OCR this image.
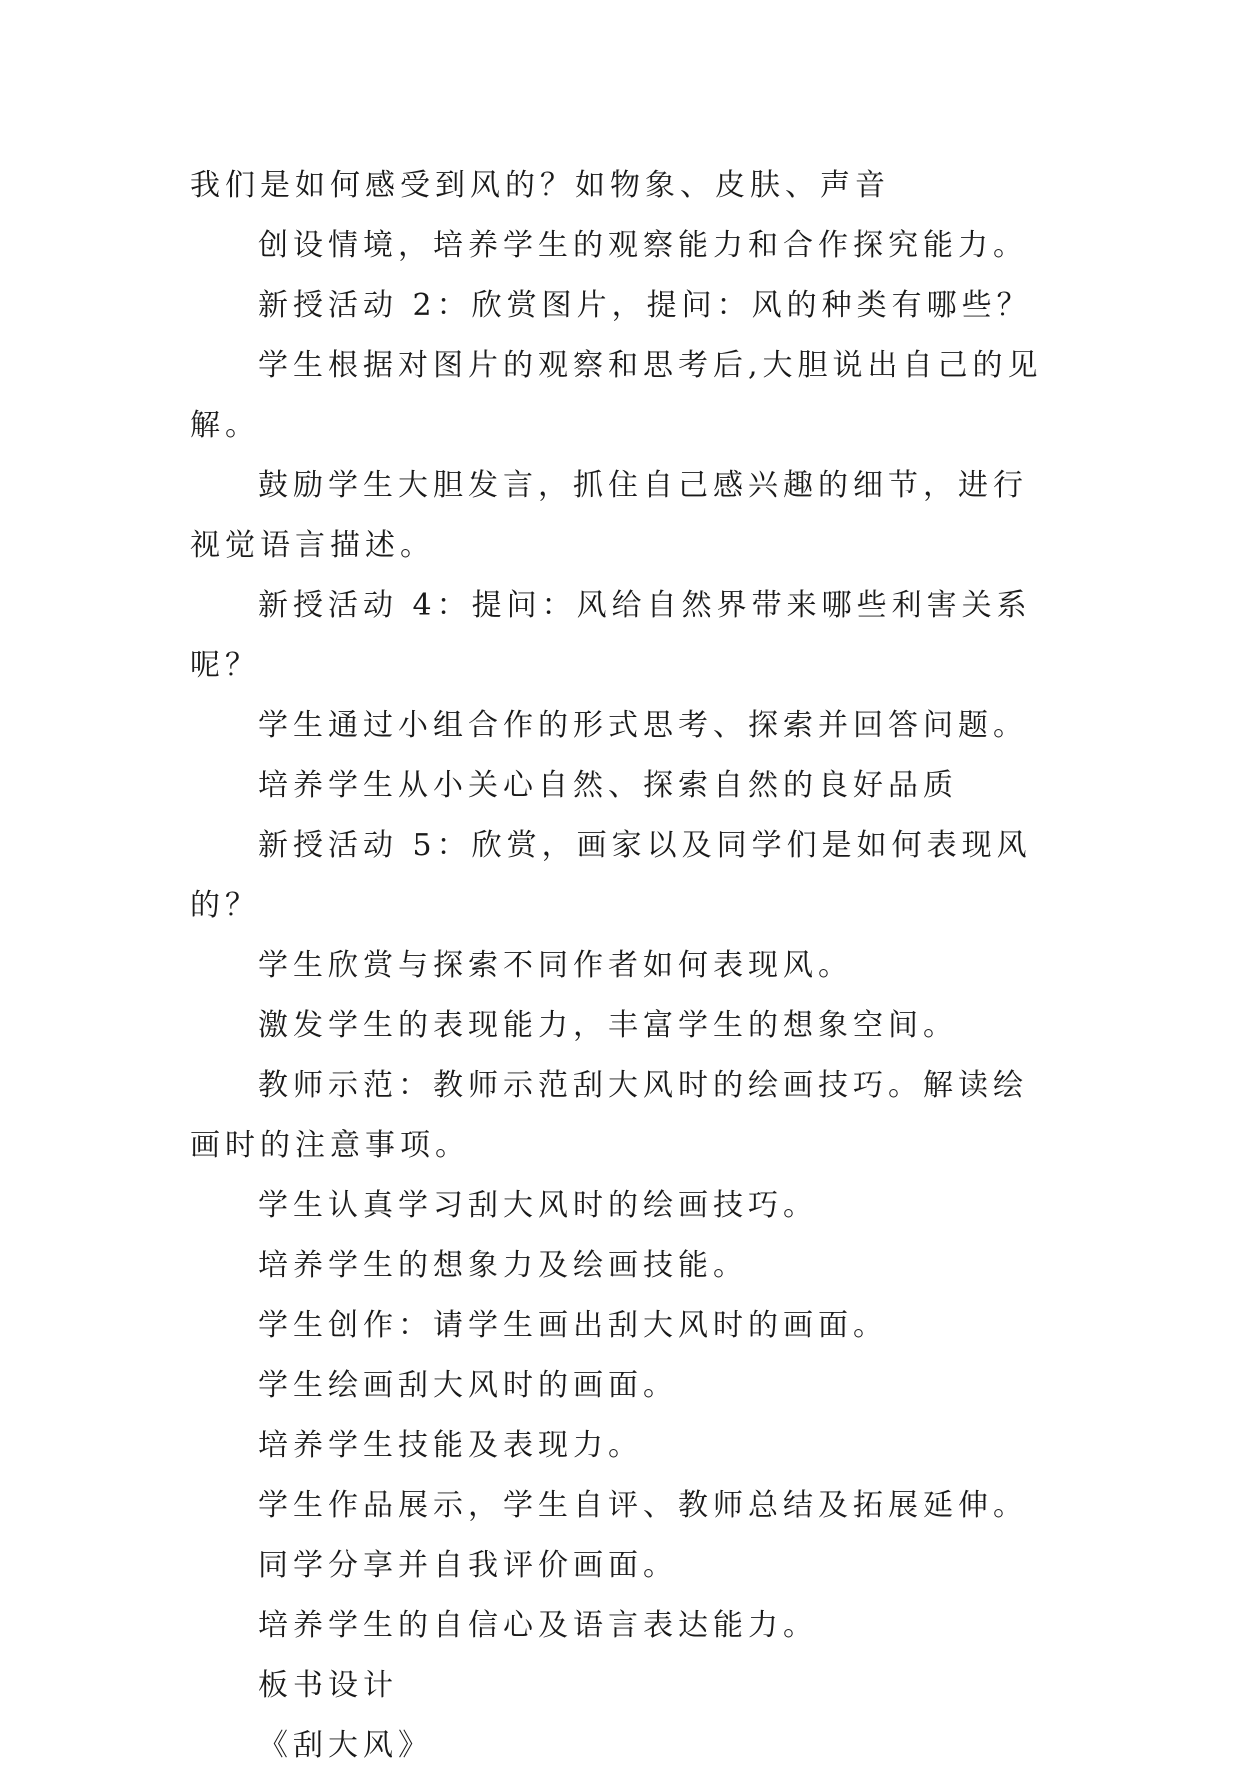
我们是如何感受到风的？如物象、皮肤、声音

创设情境，培养学生的观察能力和合作探究能力。

新授活动 2：欣赏图片，提问：风的种类有哪些？

学生根据对图片的观察和思考后,大胆说出自己的见解。

鼓励学生大胆发言，抓住自己感兴趣的细节，进行视觉语言描述。

新授活动 4：提问：风给自然界带来哪些利害关系呢？

学生通过小组合作的形式思考、探索并回答问题。

培养学生从小关心自然、探索自然的良好品质

新授活动 5：欣赏，画家以及同学们是如何表现风的？

学生欣赏与探索不同作者如何表现风。

激发学生的表现能力，丰富学生的想象空间。

教师示范：教师示范刮大风时的绘画技巧。解读绘画时的注意事项。

学生认真学习刮大风时的绘画技巧。

培养学生的想象力及绘画技能。

学生创作：请学生画出刮大风时的画面。

学生绘画刮大风时的画面。

培养学生技能及表现力。

学生作品展示，学生自评、教师总结及拓展延伸。

同学分享并自我评价画面。

培养学生的自信心及语言表达能力。

板书设计

《刮大风》
